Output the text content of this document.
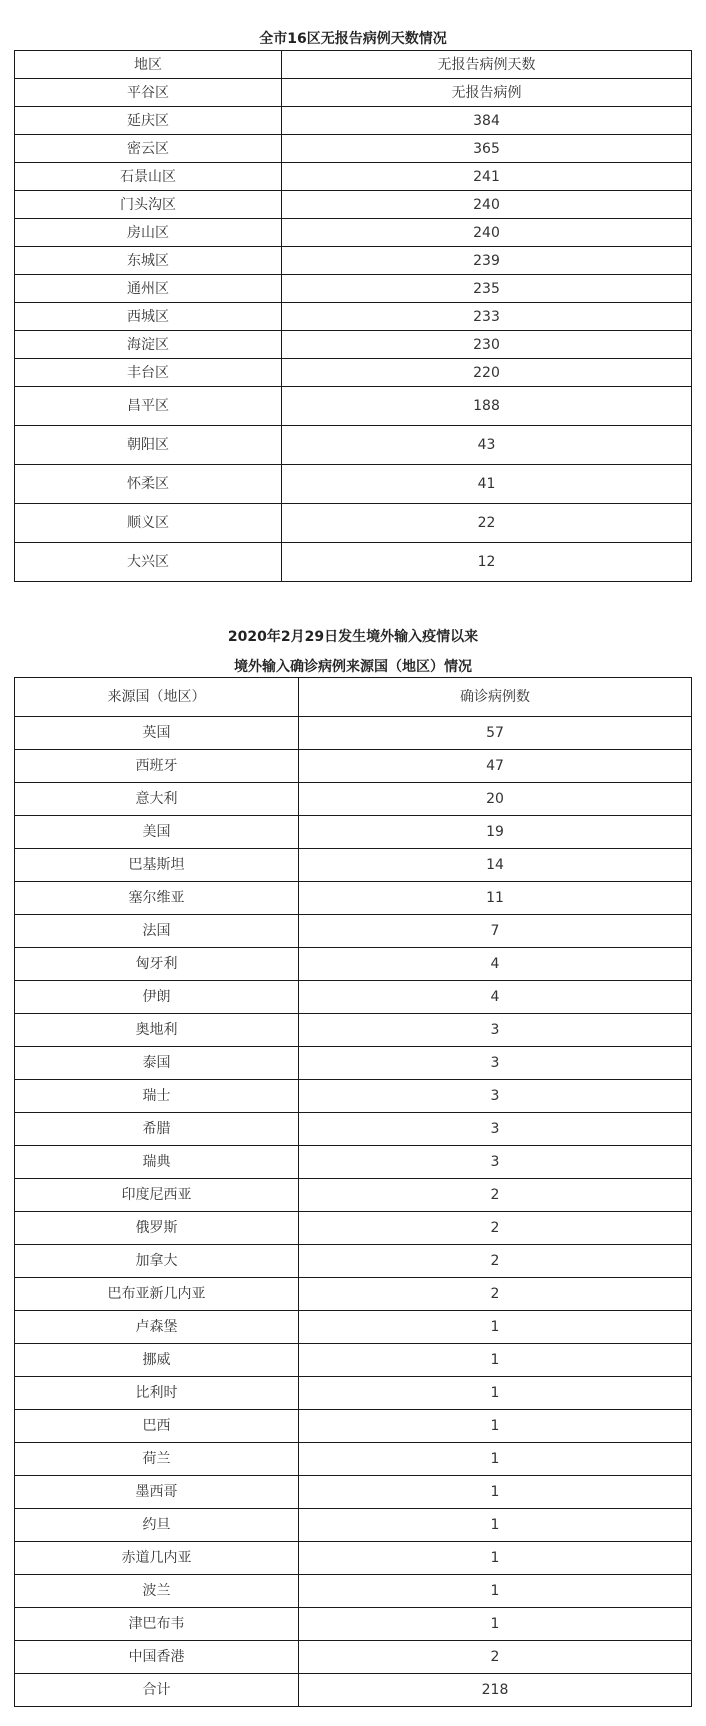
全市16区无报告病例天数情况
地区	无报告病例天数
平谷区	无报告病例
延庆区	384
密云区	365
石景山区	241
门头沟区	240
房山区	240
东城区	239
通州区	235
西城区	233
海淀区	230
丰台区	220
昌平区	188
朝阳区	43
怀柔区	41
顺义区	22
大兴区	12
2020年2月29日发生境外输入疫情以来
境外输入确诊病例来源国（地区）情况
来源国（地区）	确诊病例数
英国	57
西班牙	47
意大利	20
美国	19
巴基斯坦	14
塞尔维亚	11
法国	7
匈牙利	4
伊朗	4
奥地利	3
泰国	3
瑞士	3
希腊	3
瑞典	3
印度尼西亚	2
俄罗斯	2
加拿大	2
巴布亚新几内亚	2
卢森堡	1
挪威	1
比利时	1
巴西	1
荷兰	1
墨西哥	1
约旦	1
赤道几内亚	1
波兰	1
津巴布韦	1
中国香港	2
合计	218
